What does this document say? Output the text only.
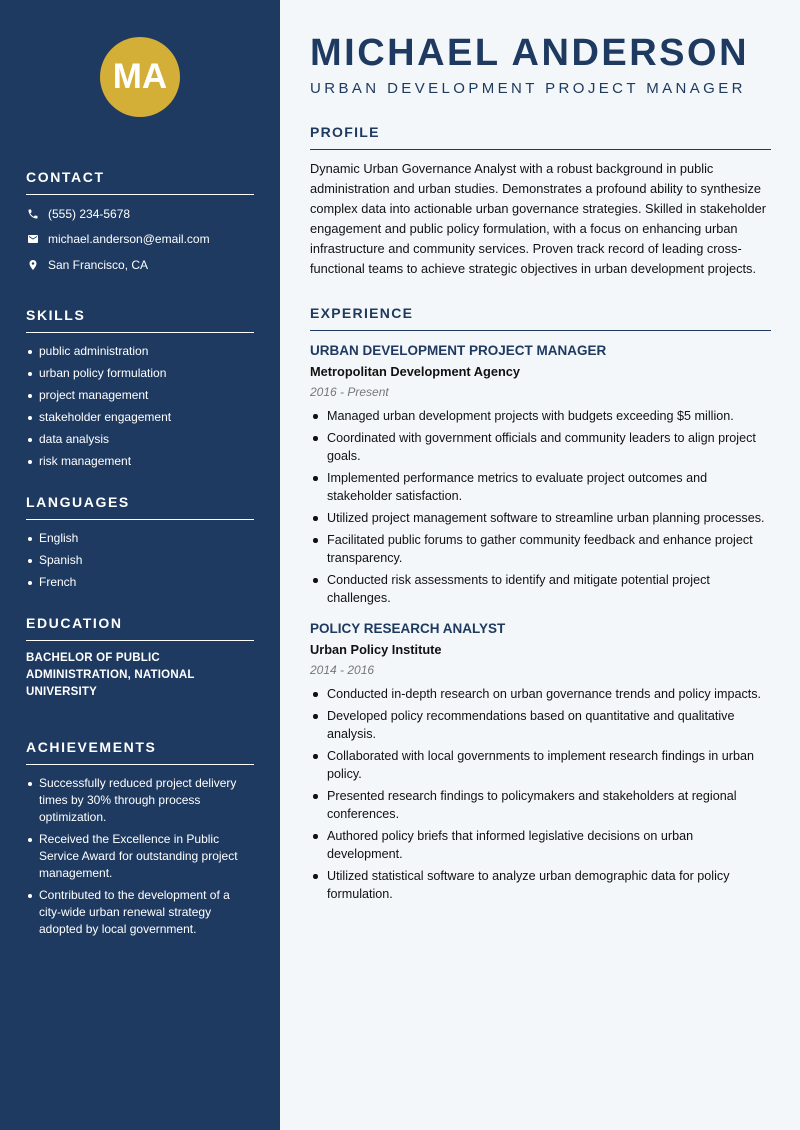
MA
CONTACT
(555) 234-5678
michael.anderson@email.com
San Francisco, CA
SKILLS
public administration
urban policy formulation
project management
stakeholder engagement
data analysis
risk management
LANGUAGES
English
Spanish
French
EDUCATION
BACHELOR OF PUBLIC ADMINISTRATION, NATIONAL UNIVERSITY
ACHIEVEMENTS
Successfully reduced project delivery times by 30% through process optimization.
Received the Excellence in Public Service Award for outstanding project management.
Contributed to the development of a city-wide urban renewal strategy adopted by local government.
MICHAEL ANDERSON
URBAN DEVELOPMENT PROJECT MANAGER
PROFILE

Dynamic Urban Governance Analyst with a robust background in public administration and urban studies. Demonstrates a profound ability to synthesize complex data into actionable urban governance strategies. Skilled in stakeholder engagement and public policy formulation, with a focus on enhancing urban infrastructure and community services. Proven track record of leading cross-functional teams to achieve strategic objectives in urban development projects.

EXPERIENCE
URBAN DEVELOPMENT PROJECT MANAGER
Metropolitan Development Agency
2016 - Present
Managed urban development projects with budgets exceeding $5 million.
Coordinated with government officials and community leaders to align project goals.
Implemented performance metrics to evaluate project outcomes and stakeholder satisfaction.
Utilized project management software to streamline urban planning processes.
Facilitated public forums to gather community feedback and enhance project transparency.
Conducted risk assessments to identify and mitigate potential project challenges.
POLICY RESEARCH ANALYST
Urban Policy Institute
2014 - 2016
Conducted in-depth research on urban governance trends and policy impacts.
Developed policy recommendations based on quantitative and qualitative analysis.
Collaborated with local governments to implement research findings in urban policy.
Presented research findings to policymakers and stakeholders at regional conferences.
Authored policy briefs that informed legislative decisions on urban development.
Utilized statistical software to analyze urban demographic data for policy formulation.
